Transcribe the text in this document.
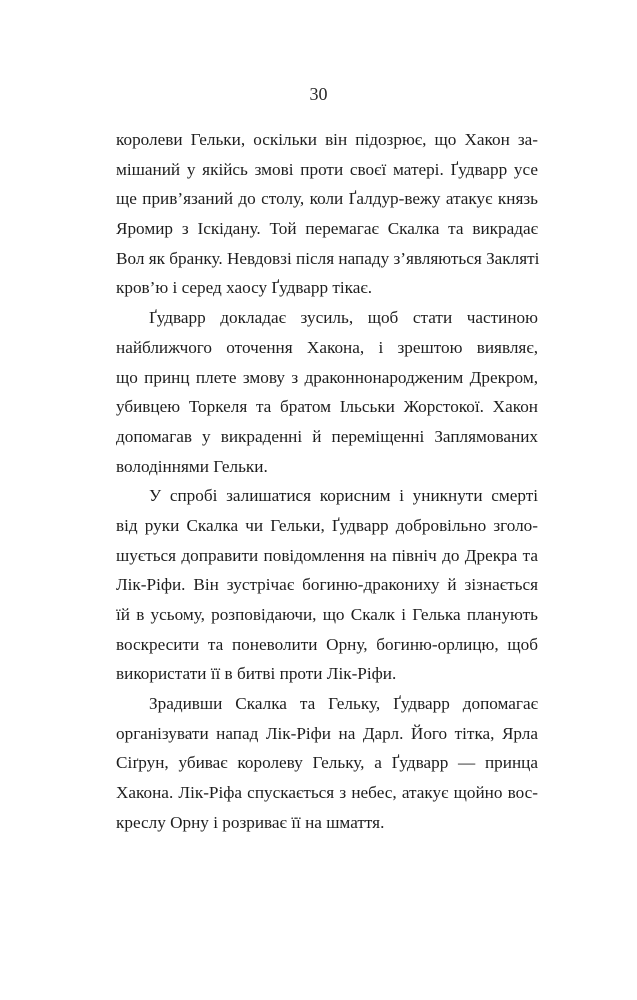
30
королеви Гельки, оскільки він підозрює, що Хакон за-
мішаний у якійсь змові проти своєї матері. Ґудварр усе
ще прив’язаний до столу, коли Ґалдур-вежу атакує князь
Яромир з Іскідану. Той перемагає Скалка та викрадає
Вол як бранку. Невдовзі після нападу з’являються Закляті
кров’ю і серед хаосу Ґудварр тікає.
Ґудварр докладає зусиль, щоб стати частиною
найближчого оточення Хакона, і зрештою виявляє,
що принц плете змову з драконнонародженим Дрекром,
убивцею Торкеля та братом Ільськи Жорстокої. Хакон
допомагав у викраденні й переміщенні Заплямованих
володіннями Гельки.
У спробі залишатися корисним і уникнути смерті
від руки Скалка чи Гельки, Ґудварр добровільно зголо-
шується доправити повідомлення на північ до Дрекра та
Лік-Ріфи. Він зустрічає богиню-дракониху й зізнається
їй в усьому, розповідаючи, що Скалк і Гелька планують
воскресити та поневолити Орну, богиню-орлицю, щоб
використати її в битві проти Лік-Ріфи.
Зрадивши Скалка та Гельку, Ґудварр допомагає
організувати напад Лік-Ріфи на Дарл. Його тітка, Ярла
Сіґрун, убиває королеву Гельку, а Ґудварр — принца
Хакона. Лік-Ріфа спускається з небес, атакує щойно вос-
креслу Орну і розриває її на шмаття.
